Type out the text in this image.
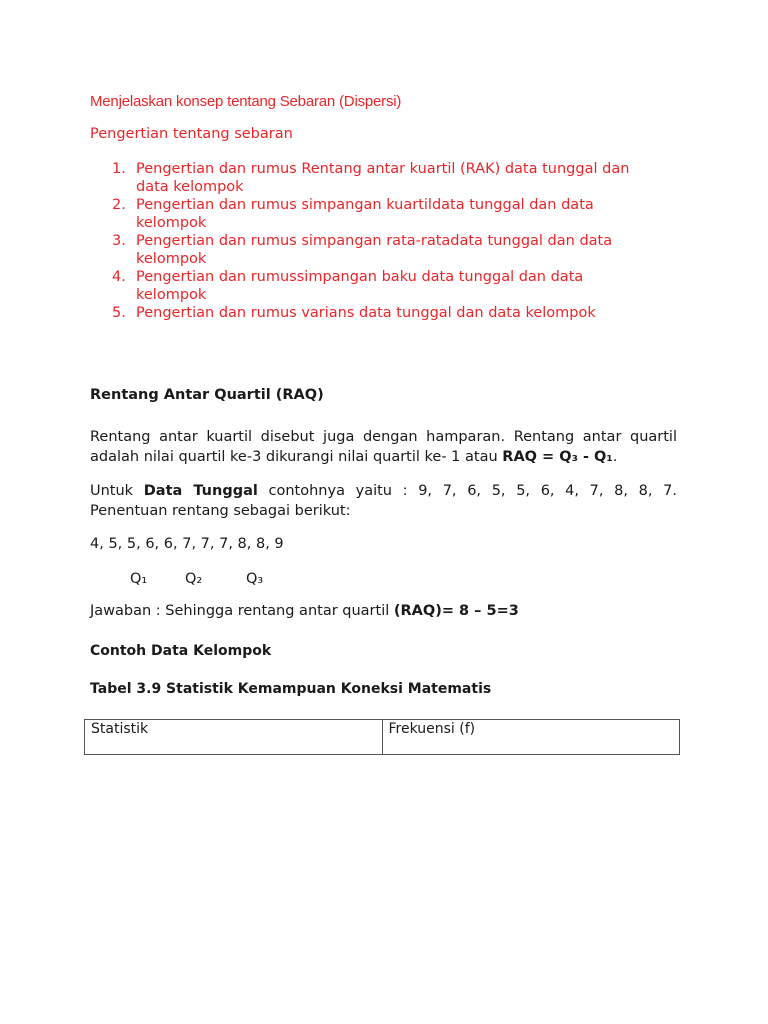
Menjelaskan konsep tentang Sebaran (Dispersi)

Pengertian tentang sebaran

1. Pengertian dan rumus Rentang antar kuartil (RAK) data tunggal dan data kelompok
2. Pengertian dan rumus simpangan kuartildata tunggal dan data kelompok
3. Pengertian dan rumus simpangan rata-ratadata tunggal dan data kelompok
4. Pengertian dan rumussimpangan baku data tunggal dan data kelompok
5. Pengertian dan rumus varians data tunggal dan data kelompok

Rentang Antar Quartil (RAQ)

Rentang antar kuartil disebut juga dengan hamparan. Rentang antar quartil adalah nilai quartil ke-3 dikurangi nilai quartil ke- 1 atau RAQ = Q₃ - Q₁.

Untuk Data Tunggal contohnya yaitu : 9, 7, 6, 5, 5, 6, 4, 7, 8, 8, 7.
Penentuan rentang sebagai berikut:

4, 5, 5, 6, 6, 7, 7, 7, 8, 8, 9

Q₁	Q₂	Q₃

Jawaban : Sehingga rentang antar quartil (RAQ)= 8 – 5=3

Contoh Data Kelompok

Tabel 3.9 Statistik Kemampuan Koneksi Matematis

Statistik	Frekuensi (f)
